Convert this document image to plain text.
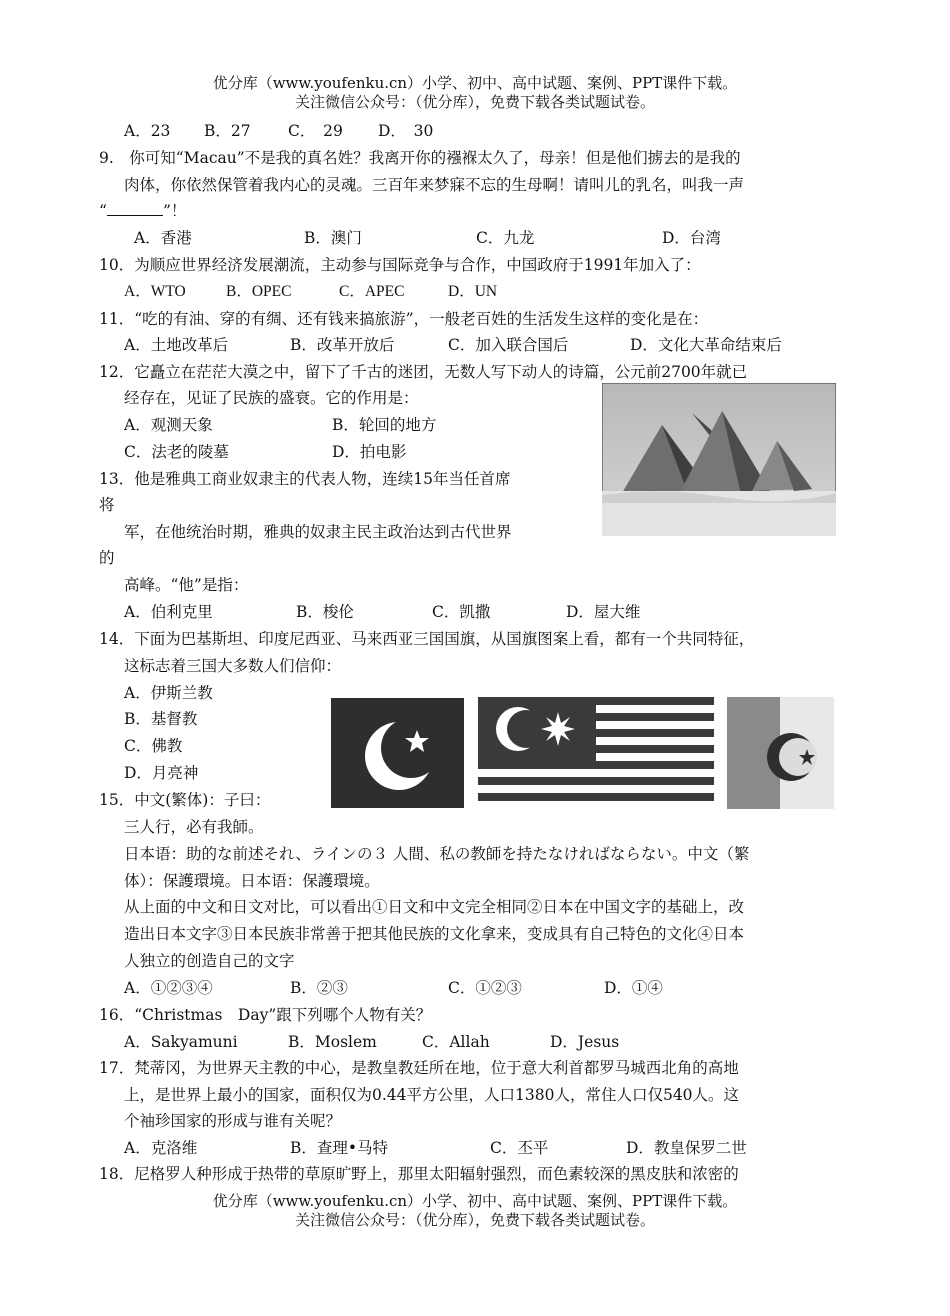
优分库（www.youfenku.cn）小学、初中、高中试题、案例、PPT课件下载。
关注微信公众号：（优分库），免费下载各类试题试卷。
A．23 B．27 C．　29 D．　30
9.　你可知“Macau”不是我的真名姓？我离开你的襁褓太久了，母亲！但是他们掳去的是我的
肉体，你依然保管着我内心的灵魂。三百年来梦寐不忘的生母啊！请叫儿的乳名，叫我一声
“	”！
A．香港	B．澳门	C．九龙	D．台湾
10．为顺应世界经济发展潮流，主动参与国际竞争与合作，中国政府于1991年加入了：
A．WTO	B．OPEC	C．APEC	D．UN
11．“吃的有油、穿的有绸、还有钱来搞旅游”，一般老百姓的生活发生这样的变化是在：
A．土地改革后	B．改革开放后	C．加入联合国后	D．文化大革命结束后
12．它矗立在茫茫大漠之中，留下了千古的迷团，无数人写下动人的诗篇，公元前2700年就已
经存在，见证了民族的盛衰。它的作用是：
A．观测天象	B．轮回的地方
C．法老的陵墓	D．拍电影
13．他是雅典工商业奴隶主的代表人物，连续15年当任首席
将
军，在他统治时期，雅典的奴隶主民主政治达到古代世界
的
高峰。“他”是指：
A．伯利克里	B．梭伦	C．凯撒	D．屋大维
14．下面为巴基斯坦、印度尼西亚、马来西亚三国国旗，从国旗图案上看，都有一个共同特征，
这标志着三国大多数人们信仰：
A．伊斯兰教
B．基督教
C．佛教
D．月亮神
15．中文(繁体)：子曰：
三人行，必有我師。
日本语：助的な前述それ、ラインの３ 人間、私の教師を持たなければならない。中文（繁
体）：保護環境。日本语：保護環境。
从上面的中文和日文对比，可以看出①日文和中文完全相同②日本在中国文字的基础上，改
造出日本文字③日本民族非常善于把其他民族的文化拿来，变成具有自己特色的文化④日本
人独立的创造自己的文字
A．①②③④	B．②③	C．①②③	D．①④
16．“Christmas　Day”跟下列哪个人物有关？
A．Sakyamuni	B．Moslem	C．Allah	D．Jesus
17．梵蒂冈，为世界天主教的中心，是教皇教廷所在地，位于意大利首都罗马城西北角的高地
上，是世界上最小的国家，面积仅为0.44平方公里，人口1380人，常住人口仅540人。这
个袖珍国家的形成与谁有关呢？
A．克洛维	B．查理•马特	C．丕平	D．教皇保罗二世
18．尼格罗人种形成于热带的草原旷野上，那里太阳辐射强烈，而色素较深的黑皮肤和浓密的
优分库（www.youfenku.cn）小学、初中、高中试题、案例、PPT课件下载。
关注微信公众号：（优分库），免费下载各类试题试卷。
